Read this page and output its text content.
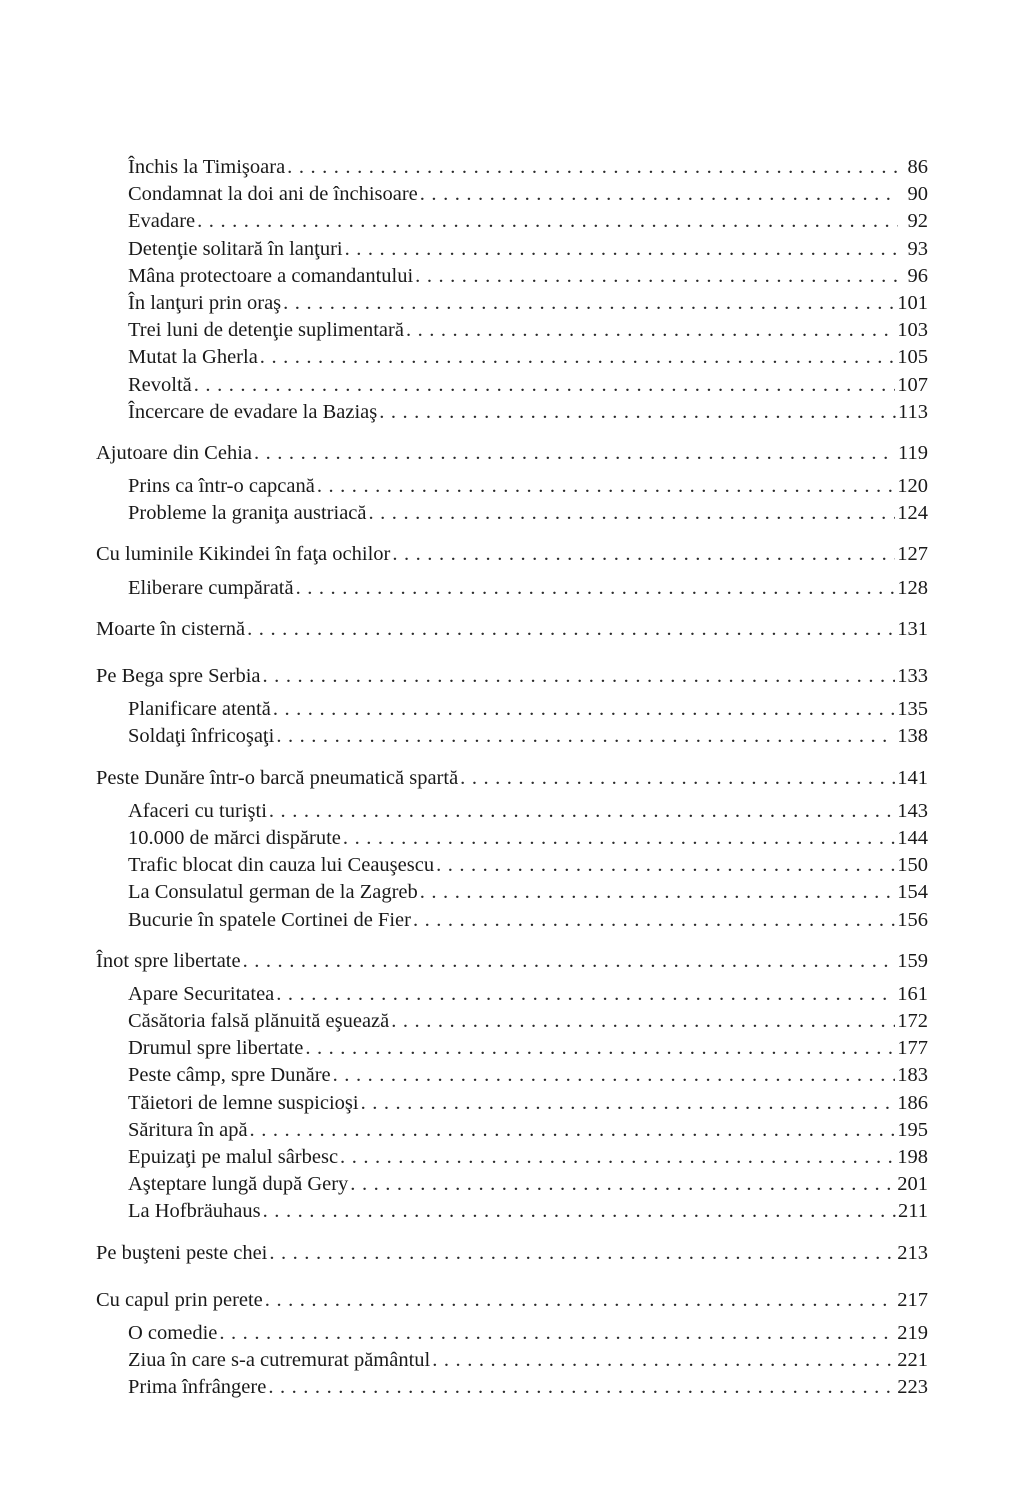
Închis la Timişoara . . .	86
Condamnat la doi ani de închisoare . . .	90
Evadare . . .	92
Detenţie solitară în lanţuri . . .	93
Mâna protectoare a comandantului . . .	96
În lanţuri prin oraş . . .	101
Trei luni de detenţie suplimentară . . .	103
Mutat la Gherla . . .	105
Revoltă . . .	107
Încercare de evadare la Baziaş . . .	113
Ajutoare din Cehia . . .	119
Prins ca într-o capcană . . .	120
Probleme la graniţa austriacă . . .	124
Cu luminile Kikindei în faţa ochilor . . .	127
Eliberare cumpărată . . .	128
Moarte în cisternă . . .	131
Pe Bega spre Serbia . . .	133
Planificare atentă . . .	135
Soldaţi înfricoşaţi . . .	138
Peste Dunăre într-o barcă pneumatică spartă . . .	141
Afaceri cu turişti . . .	143
10.000 de mărci dispărute . . .	144
Trafic blocat din cauza lui Ceauşescu . . .	150
La Consulatul german de la Zagreb . . .	154
Bucurie în spatele Cortinei de Fier . . .	156
Înot spre libertate . . .	159
Apare Securitatea . . .	161
Căsătoria falsă plănuită eşuează . . .	172
Drumul spre libertate . . .	177
Peste câmp, spre Dunăre . . .	183
Tăietori de lemne suspicioşi . . .	186
Săritura în apă . . .	195
Epuizaţi pe malul sârbesc . . .	198
Aşteptare lungă după Gery . . .	201
La Hofbräuhaus . . .	211
Pe buşteni peste chei . . .	213
Cu capul prin perete . . .	217
O comedie . . .	219
Ziua în care s-a cutremurat pământul . . .	221
Prima înfrângere . . .	223
